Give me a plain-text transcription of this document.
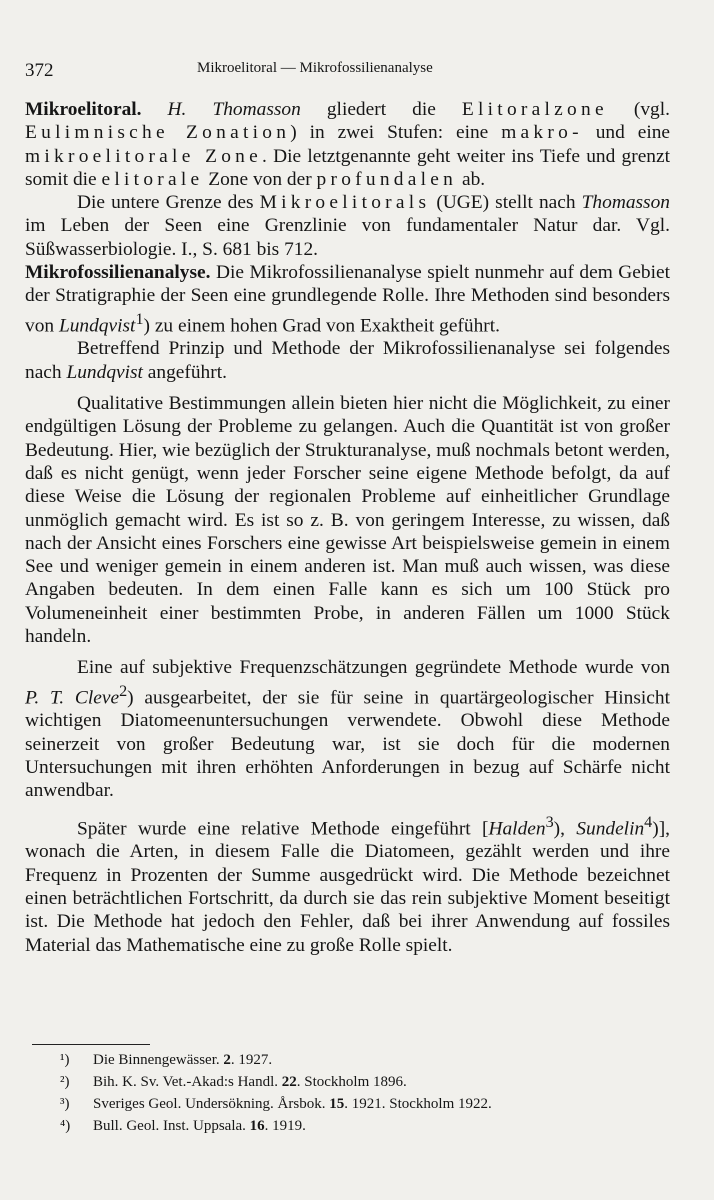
372	Mikroelitoral — Mikrofossilienanalyse

Mikroelitoral. H. Thomasson gliedert die Elitoralzone (vgl. Eulimnische Zonation) in zwei Stufen: eine makro- und eine mikroelitorale Zone. Die letztgenannte geht weiter ins Tiefe und grenzt somit die elitorale Zone von der profundalen ab.

Die untere Grenze des Mikroelitorals (UGE) stellt nach Thomasson im Leben der Seen eine Grenzlinie von fundamentaler Natur dar. Vgl. Süßwasserbiologie. I., S. 681 bis 712.

Mikrofossilienanalyse. Die Mikrofossilienanalyse spielt nunmehr auf dem Gebiet der Stratigraphie der Seen eine grundlegende Rolle. Ihre Methoden sind besonders von Lundqvist$^1$) zu einem hohen Grad von Exaktheit geführt.

Betreffend Prinzip und Methode der Mikrofossilienanalyse sei folgendes nach Lundqvist angeführt.

Qualitative Bestimmungen allein bieten hier nicht die Möglichkeit, zu einer endgültigen Lösung der Probleme zu gelangen. Auch die Quantität ist von großer Bedeutung. Hier, wie bezüglich der Strukturanalyse, muß nochmals betont werden, daß es nicht genügt, wenn jeder Forscher seine eigene Methode befolgt, da auf diese Weise die Lösung der regionalen Probleme auf einheitlicher Grundlage unmöglich gemacht wird. Es ist so z. B. von geringem Interesse, zu wissen, daß nach der Ansicht eines Forschers eine gewisse Art beispielsweise gemein in einem See und weniger gemein in einem anderen ist. Man muß auch wissen, was diese Angaben bedeuten. In dem einen Falle kann es sich um 100 Stück pro Volumeneinheit einer bestimmten Probe, in anderen Fällen um 1000 Stück handeln.

Eine auf subjektive Frequenzschätzungen gegründete Methode wurde von P. T. Cleve$^2$) ausgearbeitet, der sie für seine in quartärgeologischer Hinsicht wichtigen Diatomeenuntersuchungen verwendete. Obwohl diese Methode seinerzeit von großer Bedeutung war, ist sie doch für die modernen Untersuchungen mit ihren erhöhten Anforderungen in bezug auf Schärfe nicht anwendbar.

Später wurde eine relative Methode eingeführt [Halden$^3$), Sundelin$^4$)], wonach die Arten, in diesem Falle die Diatomeen, gezählt werden und ihre Frequenz in Prozenten der Summe ausgedrückt wird. Die Methode bezeichnet einen beträchtlichen Fortschritt, da durch sie das rein subjektive Moment beseitigt ist. Die Methode hat jedoch den Fehler, daß bei ihrer Anwendung auf fossiles Material das Mathematische eine zu große Rolle spielt.

¹) Die Binnengewässer. 2. 1927.
²) Bih. K. Sv. Vet.-Akad:s Handl. 22. Stockholm 1896.
³) Sveriges Geol. Undersökning. Årsbok. 15. 1921. Stockholm 1922.
⁴) Bull. Geol. Inst. Uppsala. 16. 1919.
